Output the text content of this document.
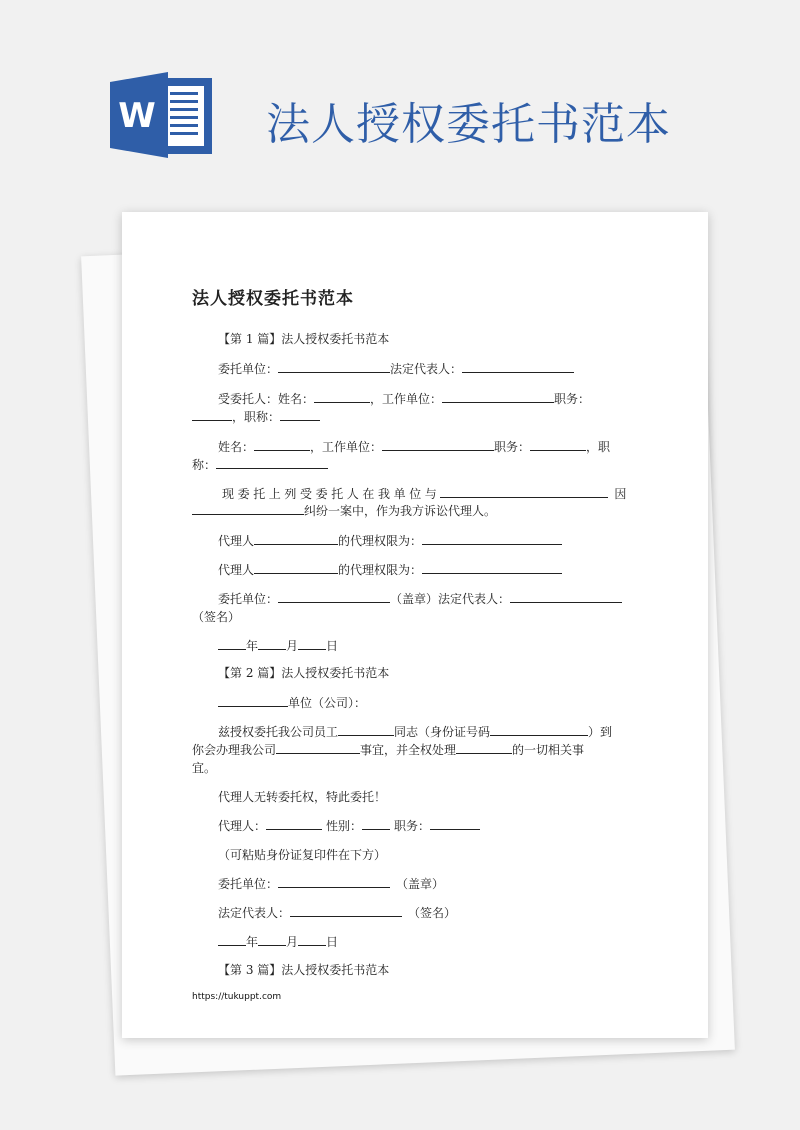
W	法人授权委托书范本
法人授权委托书范本
【第 1 篇】法人授权委托书范本
委托单位：	法定代表人：
受委托人：姓名：	，工作单位：	职务：
，职称：
姓名：	，工作单位：	职务：	，职
称：
现委托上列受委托人在我单位与	因
纠纷一案中，作为我方诉讼代理人。
代理人	的代理权限为：
代理人	的代理权限为：
委托单位：	（盖章）法定代表人：
（签名）
年 月 日
【第 2 篇】法人授权委托书范本
单位（公司）：
兹授权委托我公司员工	同志（身份证号码	）到
你会办理我公司	事宜，并全权处理	的一切相关事
宜。
代理人无转委托权，特此委托！
代理人：	性别：	职务：
（可粘贴身份证复印件在下方）
委托单位：	（盖章）
法定代表人：	（签名）
年 月 日
【第 3 篇】法人授权委托书范本
https://tukuppt.com
